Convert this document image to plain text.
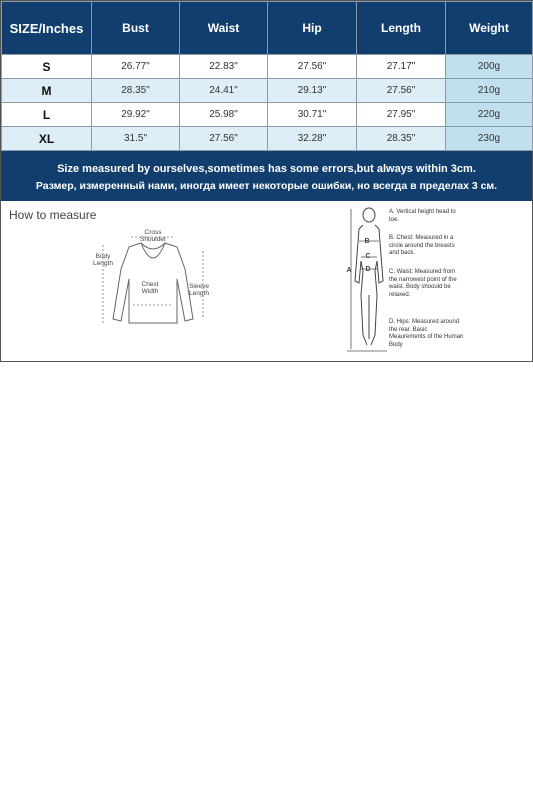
SIZE/Inches	Bust	Waist	Hip	Length	Weight
S	26.77"	22.83"	27.56"	27.17"	200g
M	28.35"	24.41"	29.13"	27.56"	210g
L	29.92"	25.98"	30.71"	27.95"	220g
XL	31.5"	27.56"	32.28"	28.35"	230g
Size measured by ourselves,sometimes has some errors,but always within 3cm.
Размер, измеренный нами, иногда имеет некоторые ошибки, но всегда в пределах 3 см.
How to measure
Cross Shoulder
Body Length
Chest Width
Sleeve Length
A
B
C
D
A. Vertical height head to toe.
B. Chest: Measured in a circle around the breasts and back.
C. Waist: Measured from the narrowest point of the waist. Body shoould be relaxed.
D. Hips: Measured around the rear. Basic Meaurements of the Human Body
